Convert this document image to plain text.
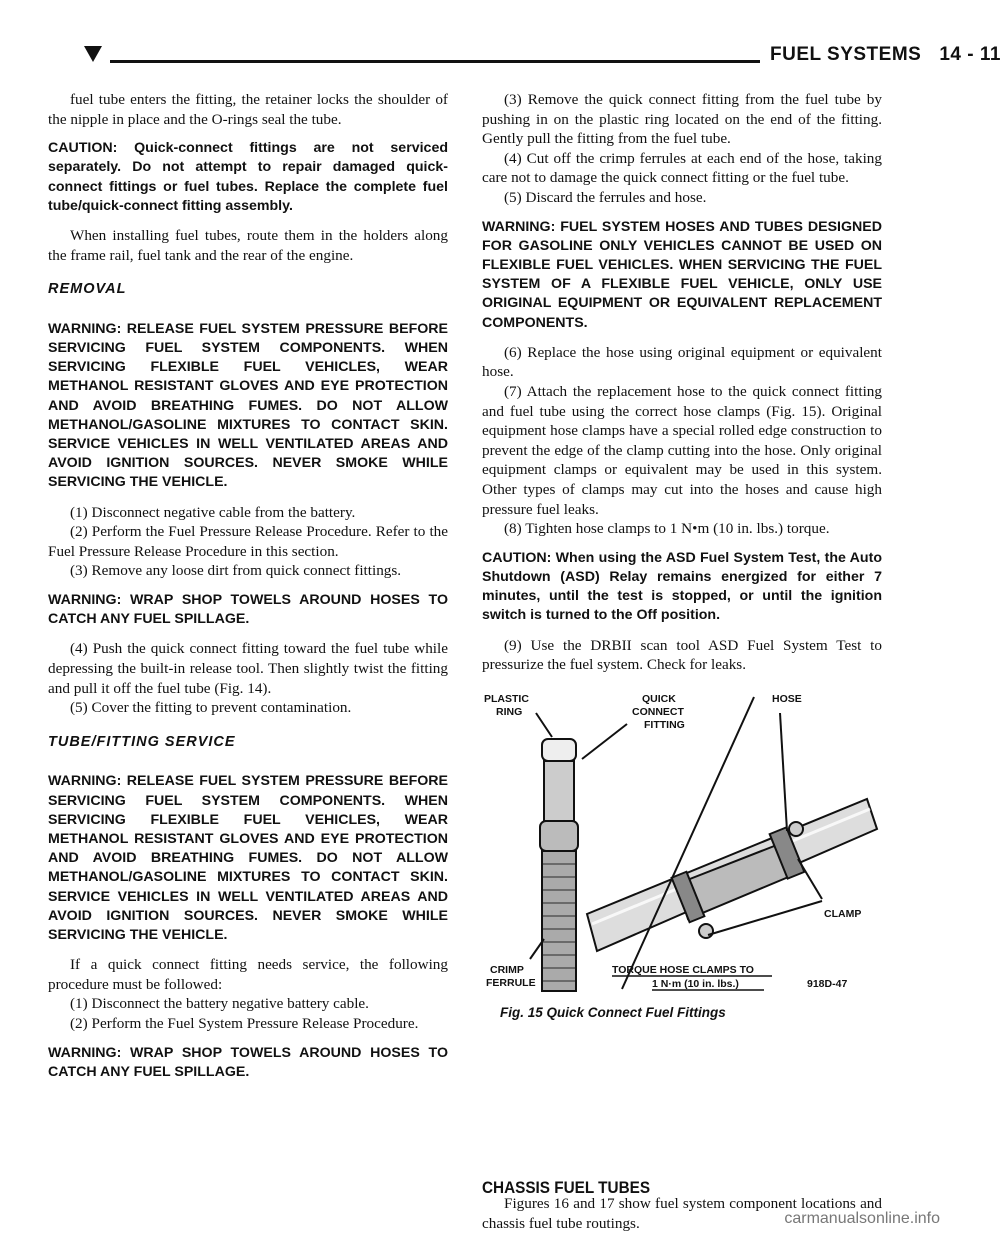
FUEL SYSTEMS 14 - 11

fuel tube enters the fitting, the retainer locks the shoulder of the nipple in place and the O-rings seal the tube.

CAUTION: Quick-connect fittings are not serviced separately. Do not attempt to repair damaged quick-connect fittings or fuel tubes. Replace the complete fuel tube/quick-connect fitting assembly.

When installing fuel tubes, route them in the holders along the frame rail, fuel tank and the rear of the engine.

REMOVAL

WARNING: RELEASE FUEL SYSTEM PRESSURE BEFORE SERVICING FUEL SYSTEM COMPONENTS. WHEN SERVICING FLEXIBLE FUEL VEHICLES, WEAR METHANOL RESISTANT GLOVES AND EYE PROTECTION AND AVOID BREATHING FUMES. DO NOT ALLOW METHANOL/GASOLINE MIXTURES TO CONTACT SKIN. SERVICE VEHICLES IN WELL VENTILATED AREAS AND AVOID IGNITION SOURCES. NEVER SMOKE WHILE SERVICING THE VEHICLE.

(1) Disconnect negative cable from the battery.

(2) Perform the Fuel Pressure Release Procedure. Refer to the Fuel Pressure Release Procedure in this section.

(3) Remove any loose dirt from quick connect fittings.

WARNING: WRAP SHOP TOWELS AROUND HOSES TO CATCH ANY FUEL SPILLAGE.

(4) Push the quick connect fitting toward the fuel tube while depressing the built-in release tool. Then slightly twist the fitting and pull it off the fuel tube (Fig. 14).

(5) Cover the fitting to prevent contamination.

TUBE/FITTING SERVICE

WARNING: RELEASE FUEL SYSTEM PRESSURE BEFORE SERVICING FUEL SYSTEM COMPONENTS. WHEN SERVICING FLEXIBLE FUEL VEHICLES, WEAR METHANOL RESISTANT GLOVES AND EYE PROTECTION AND AVOID BREATHING FUMES. DO NOT ALLOW METHANOL/GASOLINE MIXTURES TO CONTACT SKIN. SERVICE VEHICLES IN WELL VENTILATED AREAS AND AVOID IGNITION SOURCES. NEVER SMOKE WHILE SERVICING THE VEHICLE.

If a quick connect fitting needs service, the following procedure must be followed:

(1) Disconnect the battery negative battery cable.

(2) Perform the Fuel System Pressure Release Procedure.

WARNING: WRAP SHOP TOWELS AROUND HOSES TO CATCH ANY FUEL SPILLAGE.

(3) Remove the quick connect fitting from the fuel tube by pushing in on the plastic ring located on the end of the fitting. Gently pull the fitting from the fuel tube.

(4) Cut off the crimp ferrules at each end of the hose, taking care not to damage the quick connect fitting or the fuel tube.

(5) Discard the ferrules and hose.

WARNING: FUEL SYSTEM HOSES AND TUBES DESIGNED FOR GASOLINE ONLY VEHICLES CANNOT BE USED ON FLEXIBLE FUEL VEHICLES. WHEN SERVICING THE FUEL SYSTEM OF A FLEXIBLE FUEL VEHICLE, ONLY USE ORIGINAL EQUIPMENT OR EQUIVALENT REPLACEMENT COMPONENTS.

(6) Replace the hose using original equipment or equivalent hose.

(7) Attach the replacement hose to the quick connect fitting and fuel tube using the correct hose clamps (Fig. 15). Original equipment hose clamps have a special rolled edge construction to prevent the edge of the clamp cutting into the hose. Only original equipment clamps or equivalent may be used in this system. Other types of clamps may cut into the hoses and cause high pressure fuel leaks.

(8) Tighten hose clamps to 1 N•m (10 in. lbs.) torque.

CAUTION: When using the ASD Fuel System Test, the Auto Shutdown (ASD) Relay remains energized for either 7 minutes, until the test is stopped, or until the ignition switch is turned to the Off position.

(9) Use the DRBII scan tool ASD Fuel System Test to pressurize the fuel system. Check for leaks.

PLASTIC
RING
QUICK
CONNECT
FITTING
HOSE
CLAMP
CRIMP
FERRULE
TORQUE HOSE CLAMPS TO
1 N·m (10 in. lbs.)	918D-47
Fig. 15 Quick Connect Fuel Fittings
CHASSIS FUEL TUBES

Figures 16 and 17 show fuel system component locations and chassis fuel tube routings.	carmanualsonline.info
